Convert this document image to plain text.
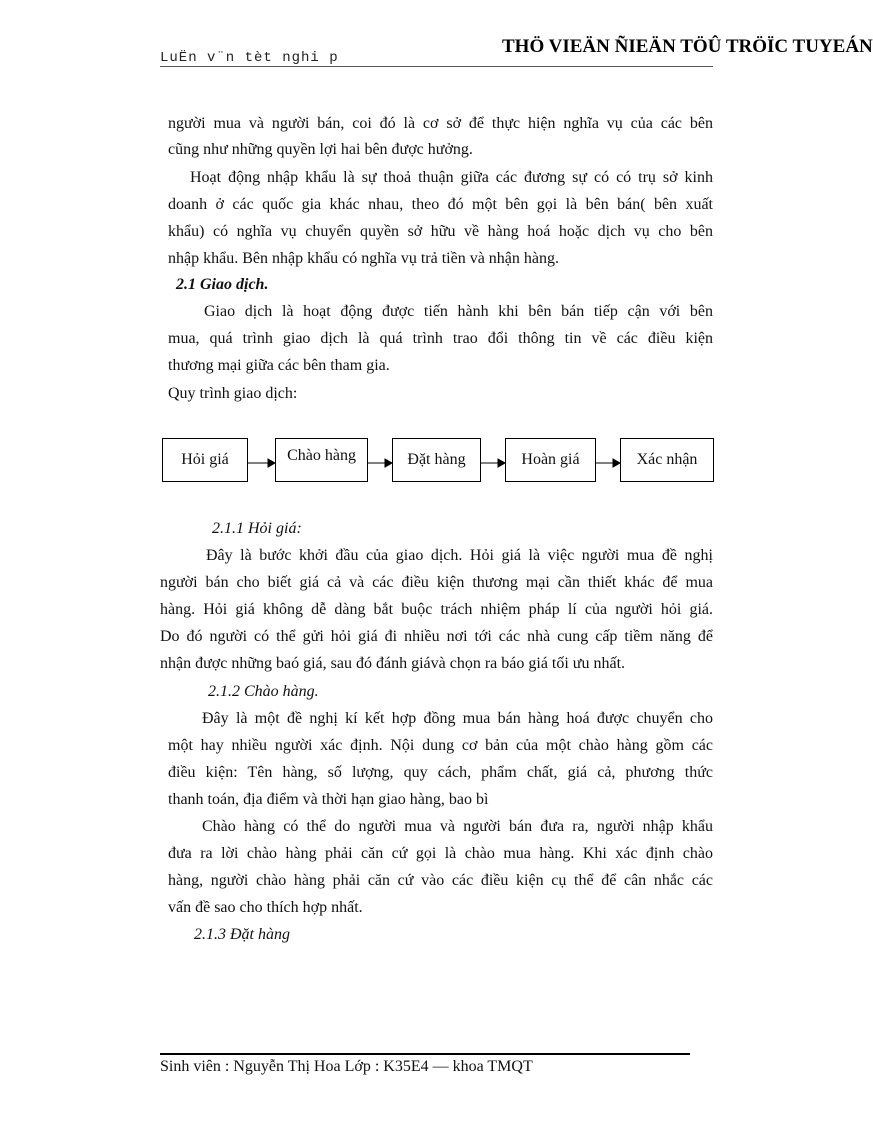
LuËn v¨n tèt nghi p
THÖ VIEÄN ÑIEÄN TÖÛ TRÖÏC TUYEÁN
người mua và người bán, coi đó là cơ sở để thực hiện nghĩa vụ của các bên
cũng như những quyền lợi hai bên được hưởng.
Hoạt động nhập khẩu là sự thoả thuận giữa các đương sự có có trụ sở kinh
doanh ở các quốc gia khác nhau, theo đó một bên gọi là bên bán( bên xuất
khẩu) có nghĩa vụ chuyển quyền sở hữu về hàng hoá hoặc dịch vụ cho bên
nhập khẩu. Bên nhập khẩu có nghĩa vụ trả tiền và nhận hàng.
2.1 Giao dịch.
Giao dịch là hoạt động được tiến hành khi bên bán tiếp cận với bên
mua, quá trình giao dịch là quá trình trao đổi thông tin về các điều kiện
thương mại giữa các bên tham gia.
Quy trình giao dịch:
Hỏi giá	Chào hàng	Đặt hàng	Hoàn giá	Xác nhận
2.1.1 Hỏi giá:
Đây là bước khởi đầu của giao dịch. Hỏi giá là việc người mua đề nghị
người bán cho biết giá cả và các điều kiện thương mại cần thiết khác để mua
hàng. Hỏi giá không dễ dàng bắt buộc trách nhiệm pháp lí của người hỏi giá.
Do đó người có thể gửi hỏi giá đi nhiều nơi tới các nhà cung cấp tiềm năng để
nhận được những baó giá, sau đó đánh giávà chọn ra báo giá tối ưu nhất.
2.1.2 Chào hàng.
Đây là một đề nghị kí kết hợp đồng mua bán hàng hoá được chuyển cho
một hay nhiều người xác định. Nội dung cơ bản của một chào hàng gồm các
điều kiện: Tên hàng, số lượng, quy cách, phẩm chất, giá cả, phương thức
thanh toán, địa điểm và thời hạn giao hàng, bao bì
Chào hàng có thể do người mua và người bán đưa ra, người nhập khẩu
đưa ra lời chào hàng phải căn cứ gọi là chào mua hàng. Khi xác định chào
hàng, người chào hàng phải căn cứ vào các điều kiện cụ thể để cân nhắc các
vấn đề sao cho thích hợp nhất.
2.1.3 Đặt hàng
Sinh viên : Nguyễn Thị Hoa Lớp : K35E4 — khoa TMQT
